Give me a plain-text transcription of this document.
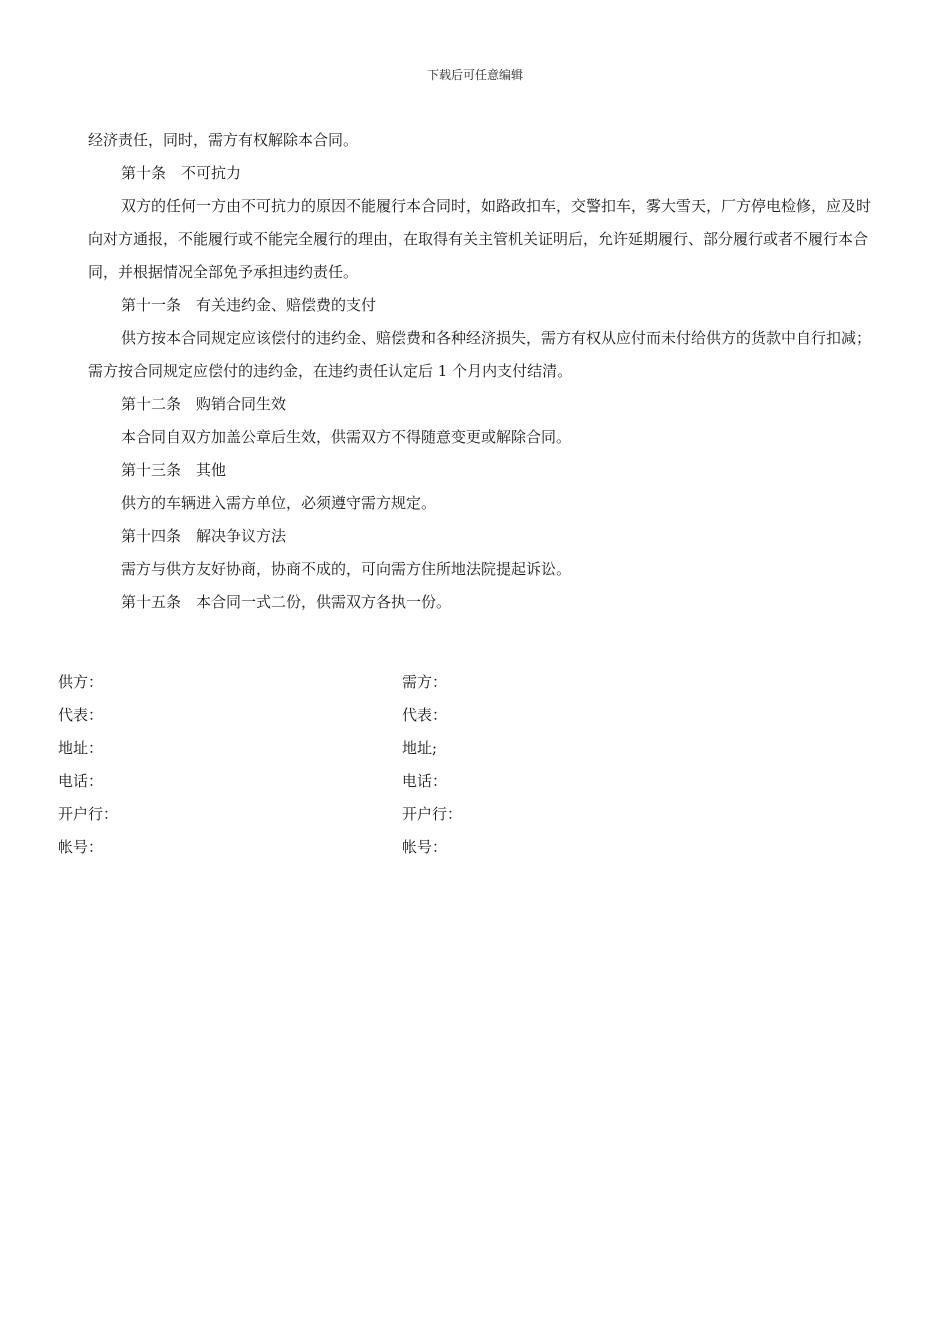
下载后可任意编辑

经济责任，同时，需方有权解除本合同。

第十条　不可抗力

双方的任何一方由不可抗力的原因不能履行本合同时，如路政扣车，交警扣车，雾大雪天，厂方停电检修，应及时向对方通报，不能履行或不能完全履行的理由，在取得有关主管机关证明后，允许延期履行、部分履行或者不履行本合同，并根据情况全部免予承担违约责任。

第十一条　有关违约金、赔偿费的支付

供方按本合同规定应该偿付的违约金、赔偿费和各种经济损失，需方有权从应付而未付给供方的货款中自行扣减；需方按合同规定应偿付的违约金，在违约责任认定后 1 个月内支付结清。

第十二条　购销合同生效

本合同自双方加盖公章后生效，供需双方不得随意变更或解除合同。

第十三条　其他

供方的车辆进入需方单位，必须遵守需方规定。

第十四条　解决争议方法

需方与供方友好协商，协商不成的，可向需方住所地法院提起诉讼。

第十五条　本合同一式二份，供需双方各执一份。

供方：	需方：
代表：	代表：
地址：	地址;
电话：	电话：
开户行：	开户行：
帐号：	帐号：
